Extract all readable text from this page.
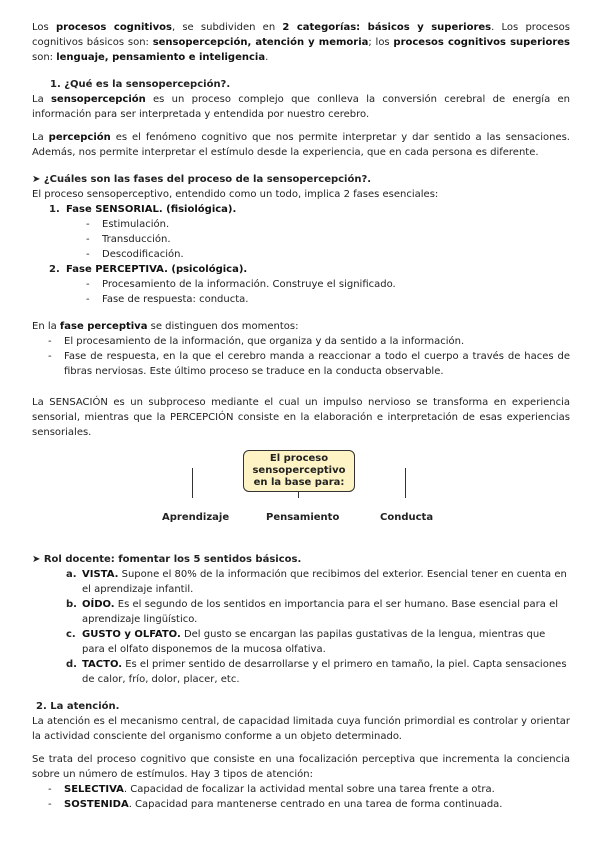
Los procesos cognitivos, se subdividen en 2 categorías: básicos y superiores. Los procesos cognitivos básicos son: sensopercepción, atención y memoria; los procesos cognitivos superiores son: lenguaje, pensamiento e inteligencia.

1. ¿Qué es la sensopercepción?.

La sensopercepción es un proceso complejo que conlleva la conversión cerebral de energía en información para ser interpretada y entendida por nuestro cerebro.

La percepción es el fenómeno cognitivo que nos permite interpretar y dar sentido a las sensaciones. Además, nos permite interpretar el estímulo desde la experiencia, que en cada persona es diferente.

➤ ¿Cuáles son las fases del proceso de la sensopercepción?.

El proceso sensoperceptivo, entendido como un todo, implica 2 fases esenciales:

1. Fase SENSORIAL. (fisiológica).
- Estimulación.
- Transducción.
- Descodificación.
2. Fase PERCEPTIVA. (psicológica).
- Procesamiento de la información. Construye el significado.
- Fase de respuesta: conducta.

En la fase perceptiva se distinguen dos momentos:

- El procesamiento de la información, que organiza y da sentido a la información.
- Fase de respuesta, en la que el cerebro manda a reaccionar a todo el cuerpo a través de haces de fibras nerviosas. Este último proceso se traduce en la conducta observable.

La SENSACIÓN es un subproceso mediante el cual un impulso nervioso se transforma en experiencia sensorial, mientras que la PERCEPCIÓN consiste en la elaboración e interpretación de esas experiencias sensoriales.

El proceso
sensoperceptivo
en la base para:
Aprendizaje	Pensamiento	Conducta

➤ Rol docente: fomentar los 5 sentidos básicos.

a. VISTA. Supone el 80% de la información que recibimos del exterior. Esencial tener en cuenta en el aprendizaje infantil.
b. OÍDO. Es el segundo de los sentidos en importancia para el ser humano. Base esencial para el aprendizaje lingüístico.
c. GUSTO y OLFATO. Del gusto se encargan las papilas gustativas de la lengua, mientras que para el olfato disponemos de la mucosa olfativa.
d. TACTO. Es el primer sentido de desarrollarse y el primero en tamaño, la piel. Capta sensaciones de calor, frío, dolor, placer, etc.

2. La atención.

La atención es el mecanismo central, de capacidad limitada cuya función primordial es controlar y orientar la actividad consciente del organismo conforme a un objeto determinado.

Se trata del proceso cognitivo que consiste en una focalización perceptiva que incrementa la conciencia sobre un número de estímulos. Hay 3 tipos de atención:

- SELECTIVA. Capacidad de focalizar la actividad mental sobre una tarea frente a otra.
- SOSTENIDA. Capacidad para mantenerse centrado en una tarea de forma continuada.
